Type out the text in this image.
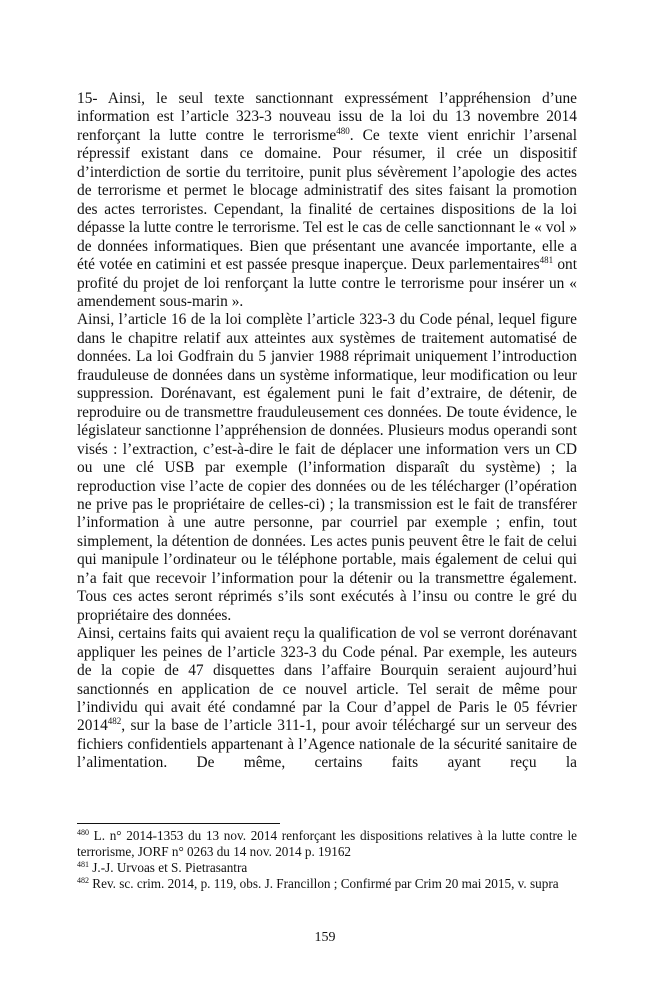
15- Ainsi, le seul texte sanctionnant expressément l’appréhension d’une information est l’article 323-3 nouveau issu de la loi du 13 novembre 2014 renforçant la lutte contre le terrorisme$^{480}$. Ce texte vient enrichir l’arsenal répressif existant dans ce domaine. Pour résumer, il crée un dispositif d’interdiction de sortie du territoire, punit plus sévèrement l’apologie des actes de terrorisme et permet le blocage administratif des sites faisant la promotion des actes terroristes. Cependant, la finalité de certaines dispositions de la loi dépasse la lutte contre le terrorisme. Tel est le cas de celle sanctionnant le « vol » de données informatiques. Bien que présentant une avancée importante, elle a été votée en catimini et est passée presque inaperçue. Deux parlementaires$^{481}$ ont profité du projet de loi renforçant la lutte contre le terrorisme pour insérer un « amendement sous-marin ».

Ainsi, l’article 16 de la loi complète l’article 323-3 du Code pénal, lequel figure dans le chapitre relatif aux atteintes aux systèmes de traitement automatisé de données. La loi Godfrain du 5 janvier 1988 réprimait uniquement l’introduction frauduleuse de données dans un système informatique, leur modification ou leur suppression. Dorénavant, est également puni le fait d’extraire, de détenir, de reproduire ou de transmettre frauduleusement ces données. De toute évidence, le législateur sanctionne l’appréhension de données. Plusieurs modus operandi sont visés : l’extraction, c’est-à-dire le fait de déplacer une information vers un CD ou une clé USB par exemple (l’information disparaît du système) ; la reproduction vise l’acte de copier des données ou de les télécharger (l’opération ne prive pas le propriétaire de celles-ci) ; la transmission est le fait de transférer l’information à une autre personne, par courriel par exemple ; enfin, tout simplement, la détention de données. Les actes punis peuvent être le fait de celui qui manipule l’ordinateur ou le téléphone portable, mais également de celui qui n’a fait que recevoir l’information pour la détenir ou la transmettre également. Tous ces actes seront réprimés s’ils sont exécutés à l’insu ou contre le gré du propriétaire des données.

Ainsi, certains faits qui avaient reçu la qualification de vol se verront dorénavant appliquer les peines de l’article 323-3 du Code pénal. Par exemple, les auteurs de la copie de 47 disquettes dans l’affaire Bourquin seraient aujourd’hui sanctionnés en application de ce nouvel article. Tel serait de même pour l’individu qui avait été condamné par la Cour d’appel de Paris le 05 février 2014$^{482}$, sur la base de l’article 311-1, pour avoir téléchargé sur un serveur des fichiers confidentiels appartenant à l’Agence nationale de la sécurité sanitaire de l’alimentation. De même, certains faits ayant reçu la

$^{480}$ L. n° 2014-1353 du 13 nov. 2014 renforçant les dispositions relatives à la lutte contre le terrorisme, JORF n° 0263 du 14 nov. 2014 p. 19162

$^{481}$ J.-J. Urvoas et S. Pietrasantra

$^{482}$ Rev. sc. crim. 2014, p. 119, obs. J. Francillon ; Confirmé par Crim 20 mai 2015, v. supra

159
